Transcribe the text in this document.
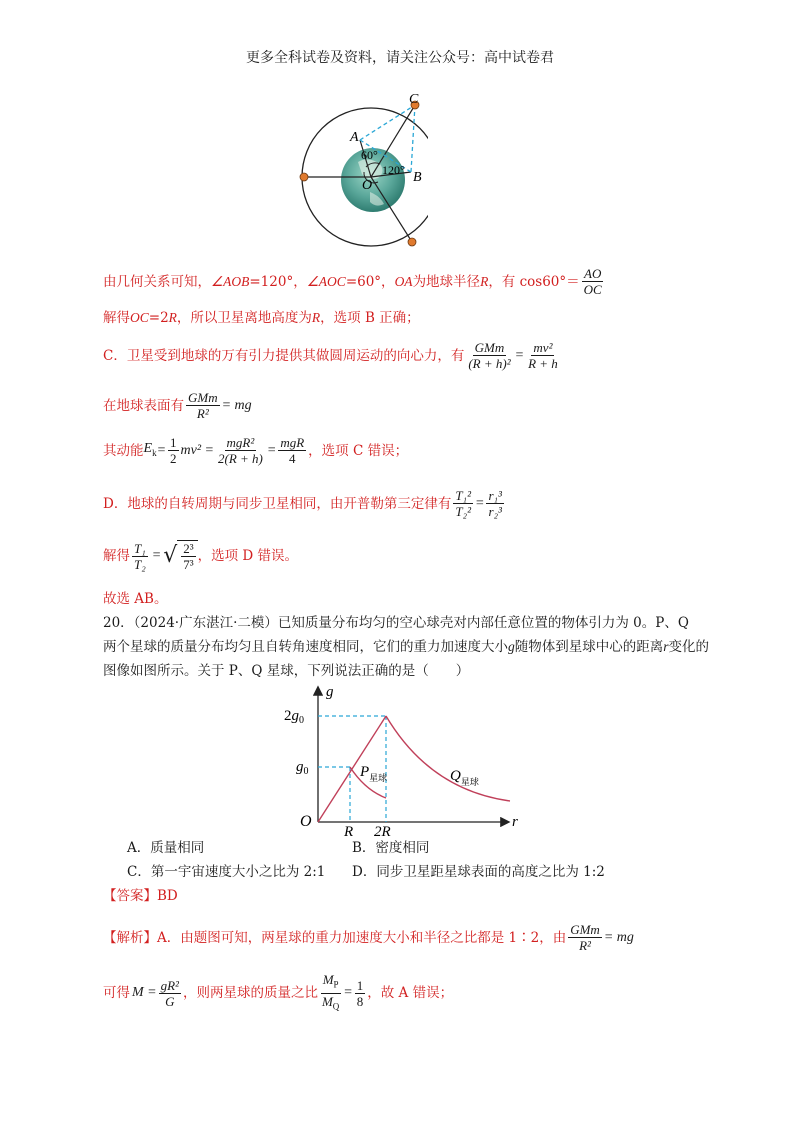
更多全科试卷及资料，请关注公众号：高中试卷君
C
A
B
O
60°
120°
由几何关系可知， ∠AOB =120°， ∠AOC =60°， OA 为地球半径 R ，有 $\cos 60^\circ= \frac{AO}{OC}$
解得OC=2R，所以卫星离地高度为R，选项 B 正确；
C．卫星受到地球的万有引力提供其做圆周运动的向心力，有 $\frac{\text{GMm}}{\text{(R + h)²}} = \frac{\text{mv²}}{R + h}$
在地球表面有 $\frac{\text{GMm}}{\text{R²}}$ = mg
其动能 $E_k = \frac{1}{2} mv^2 = \frac{\text{mgR²}}{2(R + h)} = \frac{\text{mgR}}{4}$ ，选项 C 错误；
D．地球的自转周期与同步卫星相同，由开普勒第三定律有 $\frac{\text{T₁²}}{\text{T₂²}} = \frac{\text{r₁³}}{\text{r₂³}}$
解得 $\frac{\text{T₁}}{\text{T₂}}$ = √ $\frac{\text{2³}}{\text{7³}}$ ，选项 D 错误。
故选 AB。
20．（2024·广东湛江·二模）已知质量分布均匀的空心球壳对内部任意位置的物体引力为 0。P、Q
两个星球的质量分布均匀且自转角速度相同，它们的重力加速度大小g随物体到星球中心的距离r变化的
图像如图所示。关于 P、Q 星球，下列说法正确的是（　　）
g
r
O
R 2R
$g_0$
$2g_0$
$P_{星球}$	$Q_{星球}$
A．质量相同	B．密度相同
C．第一宇宙速度大小之比为 2:1 D．同步卫星距星球表面的高度之比为 1:2
【答案】BD
【解析】 A．由题图可知，两星球的重力加速度大小和半径之比都是 1∶2，由 $\frac{\text{GMm}}{\text{R²}}$ = mg
可得 $M = \frac{\text{gR²}}{G}$ ，则两星球的质量之比 $\frac{M_P}{M_Q} = \frac{1}{8}$ ，故 A 错误；
